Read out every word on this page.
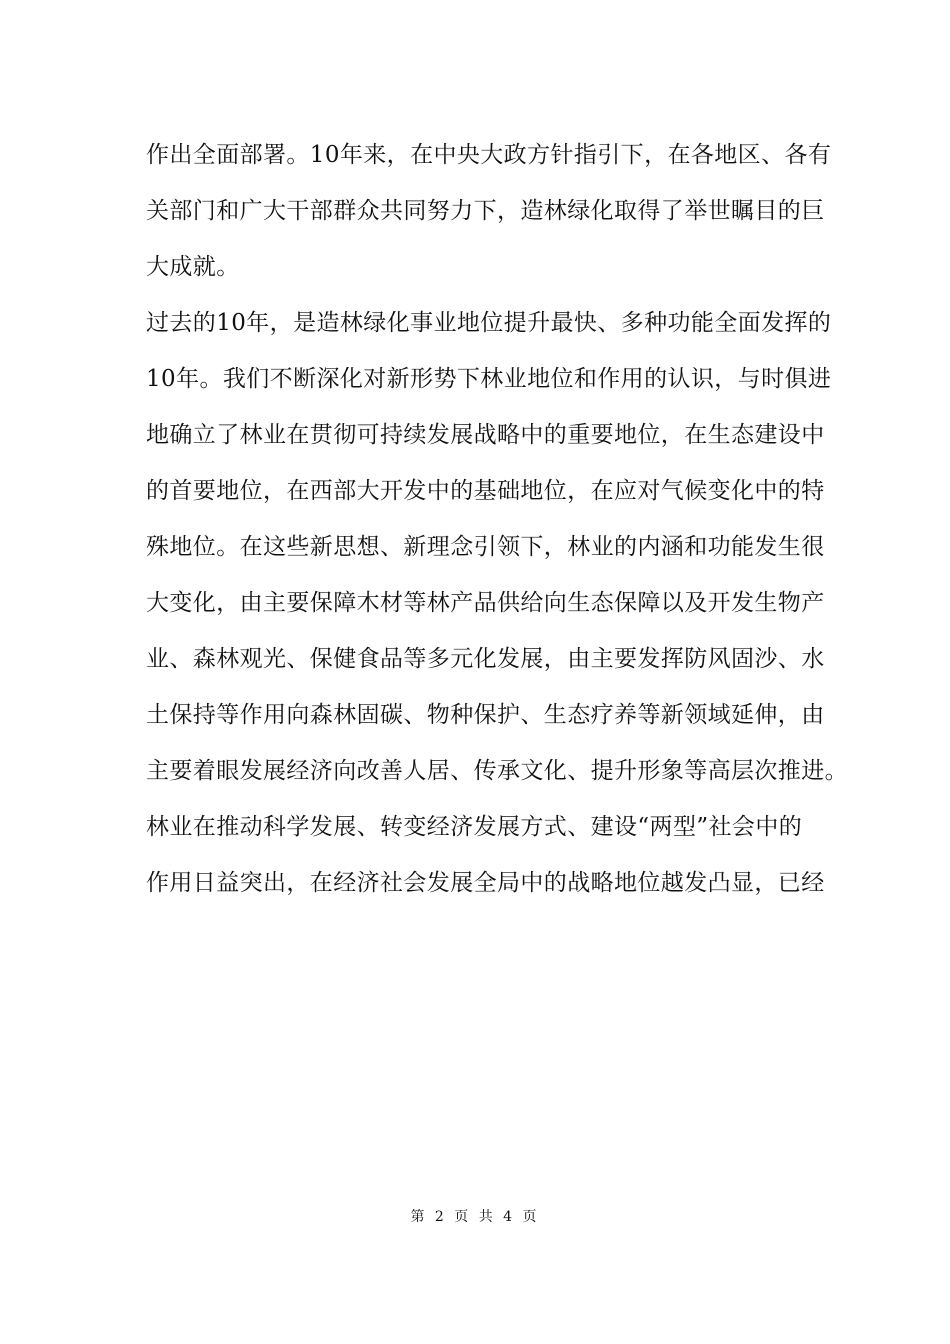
作出全面部署。10年来，在中央大政方针指引下，在各地区、各有
关部门和广大干部群众共同努力下，造林绿化取得了举世瞩目的巨
大成就。
过去的10年，是造林绿化事业地位提升最快、多种功能全面发挥的
10年。我们不断深化对新形势下林业地位和作用的认识，与时俱进
地确立了林业在贯彻可持续发展战略中的重要地位，在生态建设中
的首要地位，在西部大开发中的基础地位，在应对气候变化中的特
殊地位。在这些新思想、新理念引领下，林业的内涵和功能发生很
大变化，由主要保障木材等林产品供给向生态保障以及开发生物产
业、森林观光、保健食品等多元化发展，由主要发挥防风固沙、水
土保持等作用向森林固碳、物种保护、生态疗养等新领域延伸，由
主要着眼发展经济向改善人居、传承文化、提升形象等高层次推进。
林业在推动科学发展、转变经济发展方式、建设“两型”社会中的
作用日益突出，在经济社会发展全局中的战略地位越发凸显，已经
第 2 页 共 4 页
